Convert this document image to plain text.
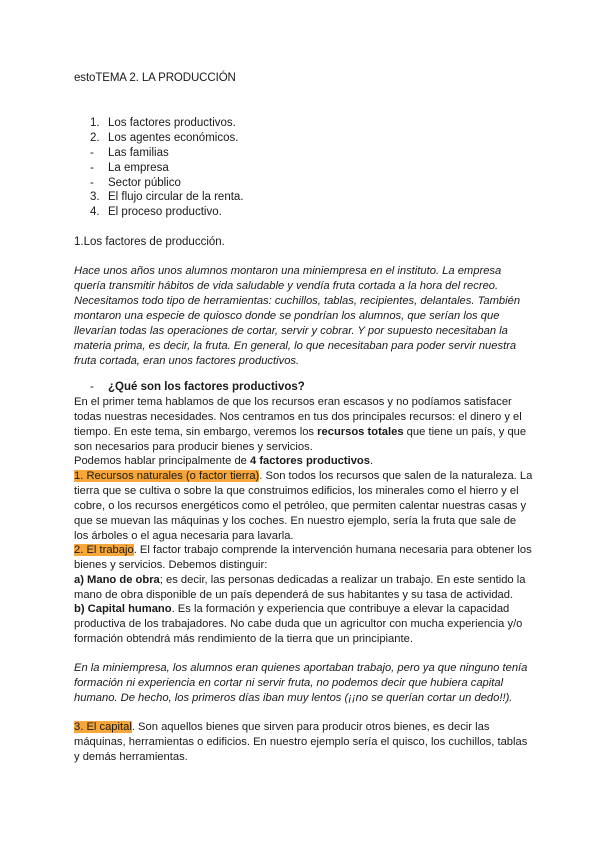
estoTEMA 2. LA PRODUCCIÓN
1. Los factores productivos.
2. Los agentes económicos.
- Las familias
- La empresa
- Sector público
3. El flujo circular de la renta.
4. El proceso productivo.
1.Los factores de producción.
Hace unos años unos alumnos montaron una miniempresa en el instituto. La empresa
quería transmitir hábitos de vida saludable y vendía fruta cortada a la hora del recreo.
Necesitamos todo tipo de herramientas: cuchillos, tablas, recipientes, delantales. También
montaron una especie de quiosco donde se pondrían los alumnos, que serían los que
llevarían todas las operaciones de cortar, servir y cobrar. Y por supuesto necesitaban la
materia prima, es decir, la fruta. En general, lo que necesitaban para poder servir nuestra
fruta cortada, eran unos factores productivos.
- ¿Qué son los factores productivos?
En el primer tema hablamos de que los recursos eran escasos y no podíamos satisfacer
todas nuestras necesidades. Nos centramos en tus dos principales recursos: el dinero y el
tiempo. En este tema, sin embargo, veremos los recursos totales que tiene un país, y que
son necesarios para producir bienes y servicios.
Podemos hablar principalmente de 4 factores productivos.
1. Recursos naturales (o factor tierra). Son todos los recursos que salen de la naturaleza. La
tierra que se cultiva o sobre la que construimos edificios, los minerales como el hierro y el
cobre, o los recursos energéticos como el petróleo, que permiten calentar nuestras casas y
que se muevan las máquinas y los coches. En nuestro ejemplo, sería la fruta que sale de
los árboles o el agua necesaria para lavarla.
2. El trabajo. El factor trabajo comprende la intervención humana necesaria para obtener los
bienes y servicios. Debemos distinguir:
a) Mano de obra; es decir, las personas dedicadas a realizar un trabajo. En este sentido la
mano de obra disponible de un país dependerá de sus habitantes y su tasa de actividad.
b) Capital humano. Es la formación y experiencia que contribuye a elevar la capacidad
productiva de los trabajadores. No cabe duda que un agricultor con mucha experiencia y/o
formación obtendrá más rendimiento de la tierra que un principiante.
En la miniempresa, los alumnos eran quienes aportaban trabajo, pero ya que ninguno tenía
formación ni experiencia en cortar ni servir fruta, no podemos decir que hubiera capital
humano. De hecho, los primeros días iban muy lentos (¡¡no se querían cortar un dedo!!).
3. El capital. Son aquellos bienes que sirven para producir otros bienes, es decir las
máquinas, herramientas o edificios. En nuestro ejemplo sería el quisco, los cuchillos, tablas
y demás herramientas.
